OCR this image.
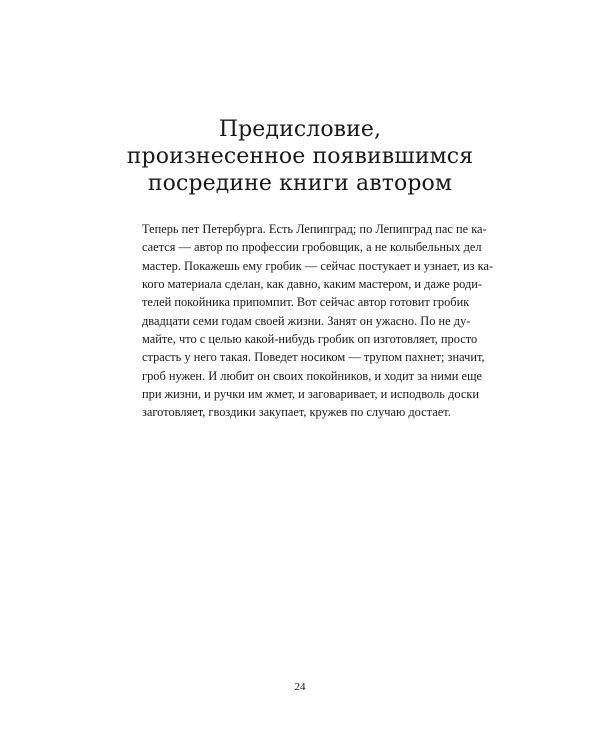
Предисловие,
произнесенное появившимся
посредине книги автором
Теперь пет Петербурга. Есть Лепипград; по Лепипград пас пе ка-
сается — автор по профессии гробовщик, а не колыбельных дел
мастер. Покажешь ему гробик — сейчас постукает и узнает, из ка-
кого материала сделан, как давно, каким мастером, и даже роди-
телей покойника припомпит. Вот сейчас автор готовит гробик
двадцати семи годам своей жизни. Занят он ужасно. По не ду-
майте, что с целью какой-нибудь гробик оп изготовляет, просто
страсть у него такая. Поведет носиком — трупом пахнет; значит,
гроб нужен. И любит он своих покойников, и ходит за ними еще
при жизни, и ручки им жмет, и заговаривает, и исподволь доски
заготовляет, гвоздики закупает, кружев по случаю достает.
24
